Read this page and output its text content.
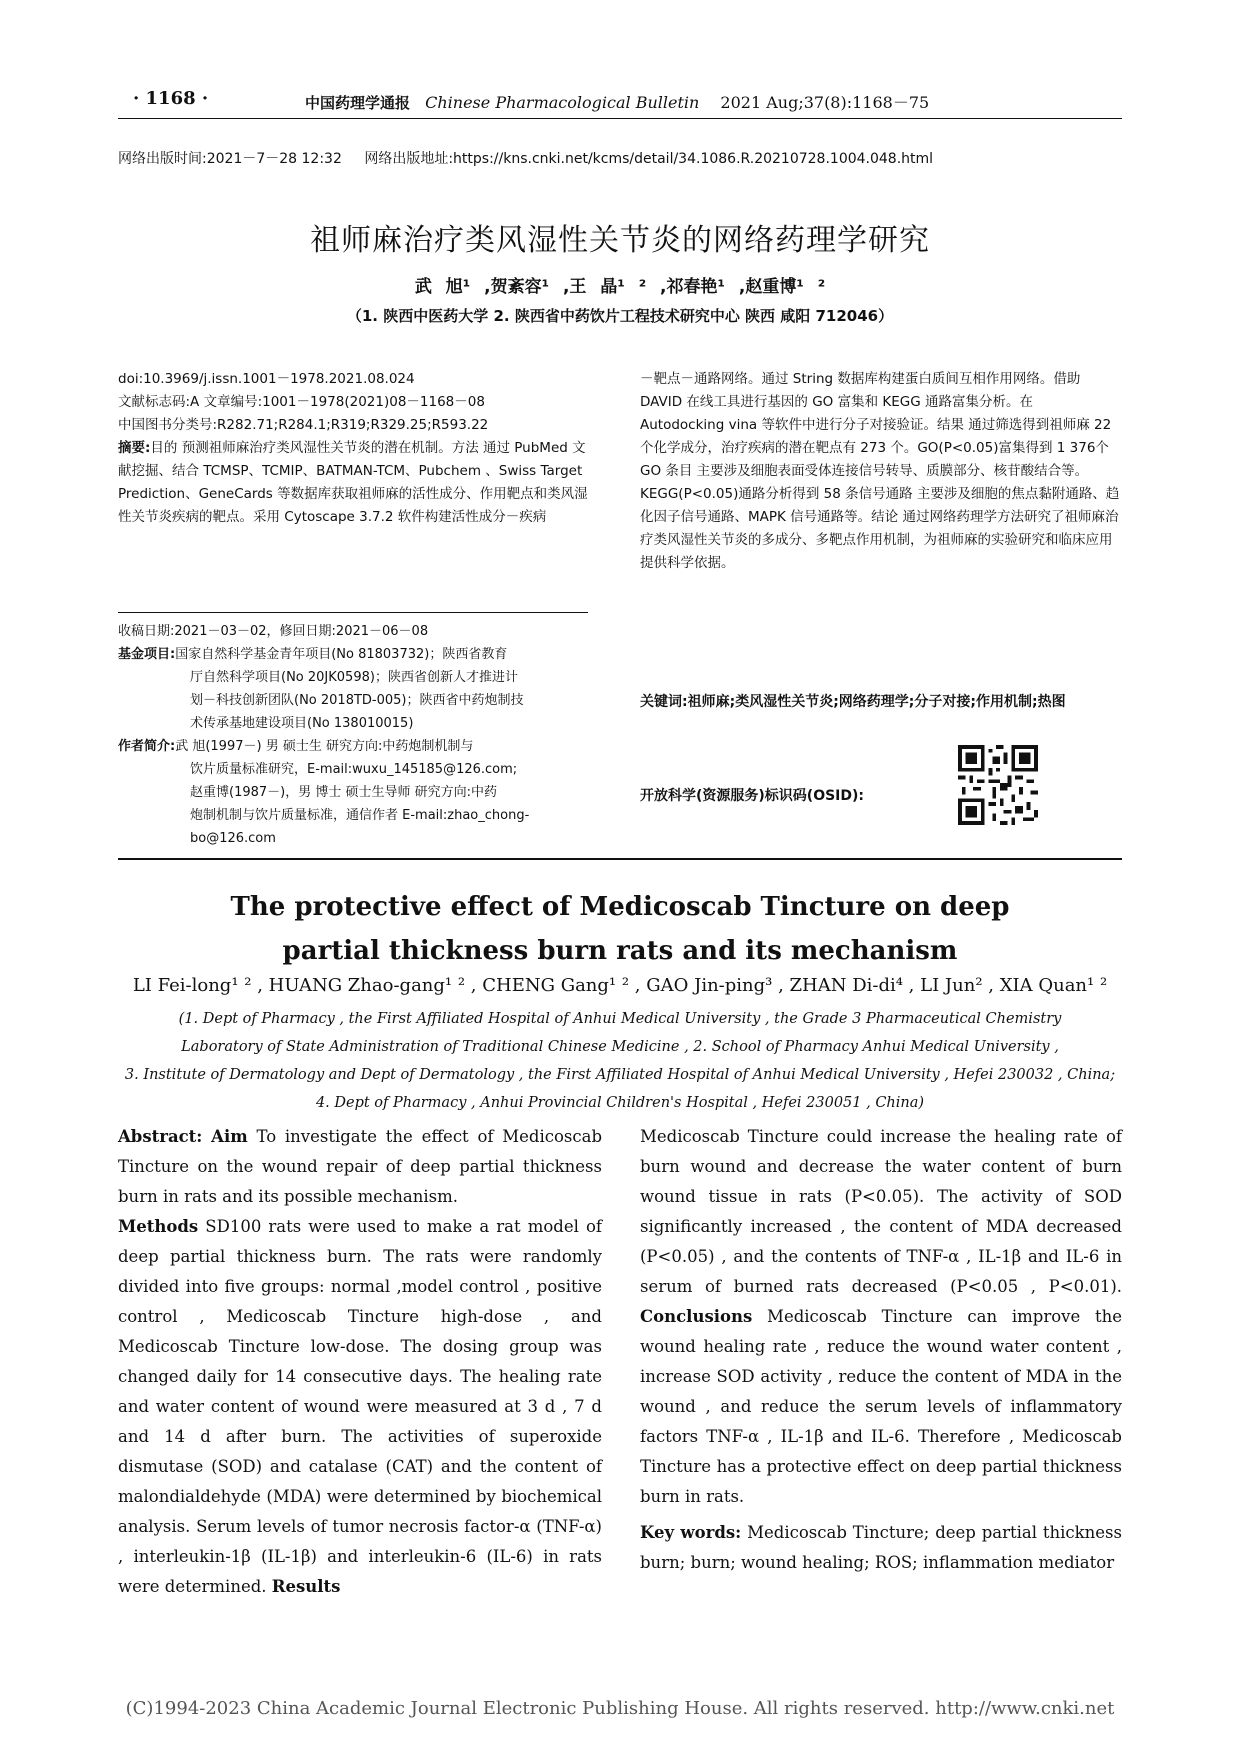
· 1168 ·	中国药理学通报 Chinese Pharmacological Bulletin 2021 Aug;37(8):1168－75
网络出版时间:2021－7－28 12:32 网络出版地址:https://kns.cnki.net/kcms/detail/34.1086.R.20210728.1004.048.html
祖师麻治疗类风湿性关节炎的网络药理学研究
武 旭¹ ,贺紊容¹ ,王 晶¹ ² ,祁春艳¹ ,赵重博¹ ²
（1. 陕西中医药大学 2. 陕西省中药饮片工程技术研究中心 陕西 咸阳 712046）

doi:10.3969/j.issn.1001－1978.2021.08.024

文献标志码:A 文章编号:1001－1978(2021)08－1168－08

中国图书分类号:R282.71;R284.1;R319;R329.25;R593.22

摘要:目的 预测祖师麻治疗类风湿性关节炎的潜在机制。方法 通过 PubMed 文献挖掘、结合 TCMSP、TCMIP、BATMAN-TCM、Pubchem 、Swiss Target Prediction、GeneCards 等数据库获取祖师麻的活性成分、作用靶点和类风湿性关节炎疾病的靶点。采用 Cytoscape 3.7.2 软件构建活性成分－疾病

收稿日期:2021－03－02，修回日期:2021－06－08
基金项目:国家自然科学基金青年项目(No 81803732)；陕西省教育
厅自然科学项目(No 20JK0598)；陕西省创新人才推进计
划－科技创新团队(No 2018TD-005)；陕西省中药炮制技
术传承基地建设项目(No 138010015)
作者简介:武 旭(1997－) 男 硕士生 研究方向:中药炮制机制与
饮片质量标准研究，E-mail:wuxu_145185@126.com;
赵重博(1987－)，男 博士 硕士生导师 研究方向:中药
炮制机制与饮片质量标准，通信作者 E-mail:zhao_chong-
bo@126.com

－靶点－通路网络。通过 String 数据库构建蛋白质间互相作用网络。借助 DAVID 在线工具进行基因的 GO 富集和 KEGG 通路富集分析。在 Autodocking vina 等软件中进行分子对接验证。结果 通过筛选得到祖师麻 22 个化学成分，治疗疾病的潜在靶点有 273 个。GO(P<0.05)富集得到 1 376个 GO 条目 主要涉及细胞表面受体连接信号转导、质膜部分、核苷酸结合等。KEGG(P<0.05)通路分析得到 58 条信号通路 主要涉及细胞的焦点黏附通路、趋化因子信号通路、MAPK 信号通路等。结论 通过网络药理学方法研究了祖师麻治疗类风湿性关节炎的多成分、多靶点作用机制，为祖师麻的实验研究和临床应用提供科学依据。

关键词:祖师麻;类风湿性关节炎;网络药理学;分子对接;作用机制;热图
开放科学(资源服务)标识码(OSID):
The protective effect of Medicoscab Tincture on deep
partial thickness burn rats and its mechanism
LI Fei-long¹ ² , HUANG Zhao-gang¹ ² , CHENG Gang¹ ² , GAO Jin-ping³ , ZHAN Di-di⁴ , LI Jun² , XIA Quan¹ ²
(1. Dept of Pharmacy , the First Affiliated Hospital of Anhui Medical University , the Grade 3 Pharmaceutical Chemistry
Laboratory of State Administration of Traditional Chinese Medicine , 2. School of Pharmacy Anhui Medical University ,
3. Institute of Dermatology and Dept of Dermatology , the First Affiliated Hospital of Anhui Medical University , Hefei 230032 , China;
4. Dept of Pharmacy , Anhui Provincial Children's Hospital , Hefei 230051 , China)

Abstract: Aim To investigate the effect of Medicoscab Tincture on the wound repair of deep partial thickness burn in rats and its possible mechanism.

Methods SD100 rats were used to make a rat model of deep partial thickness burn. The rats were randomly divided into five groups: normal ,model control , positive control , Medicoscab Tincture high-dose , and Medicoscab Tincture low-dose. The dosing group was changed daily for 14 consecutive days. The healing rate and water content of wound were measured at 3 d , 7 d and 14 d after burn. The activities of superoxide dismutase (SOD) and catalase (CAT) and the content of malondialdehyde (MDA) were determined by biochemical analysis. Serum levels of tumor necrosis factor-α (TNF-α) , interleukin-1β (IL-1β) and interleukin-6 (IL-6) in rats were determined. Results

Medicoscab Tincture could increase the healing rate of burn wound and decrease the water content of burn wound tissue in rats (P<0.05). The activity of SOD significantly increased , the content of MDA decreased (P<0.05) , and the contents of TNF-α , IL-1β and IL-6 in serum of burned rats decreased (P<0.05 , P<0.01). Conclusions Medicoscab Tincture can improve the wound healing rate , reduce the wound water content , increase SOD activity , reduce the content of MDA in the wound , and reduce the serum levels of inflammatory factors TNF-α , IL-1β and IL-6. Therefore , Medicoscab Tincture has a protective effect on deep partial thickness burn in rats.

Key words: Medicoscab Tincture; deep partial thickness burn; burn; wound healing; ROS; inflammation mediator

(C)1994-2023 China Academic Journal Electronic Publishing House. All rights reserved. http://www.cnki.net
